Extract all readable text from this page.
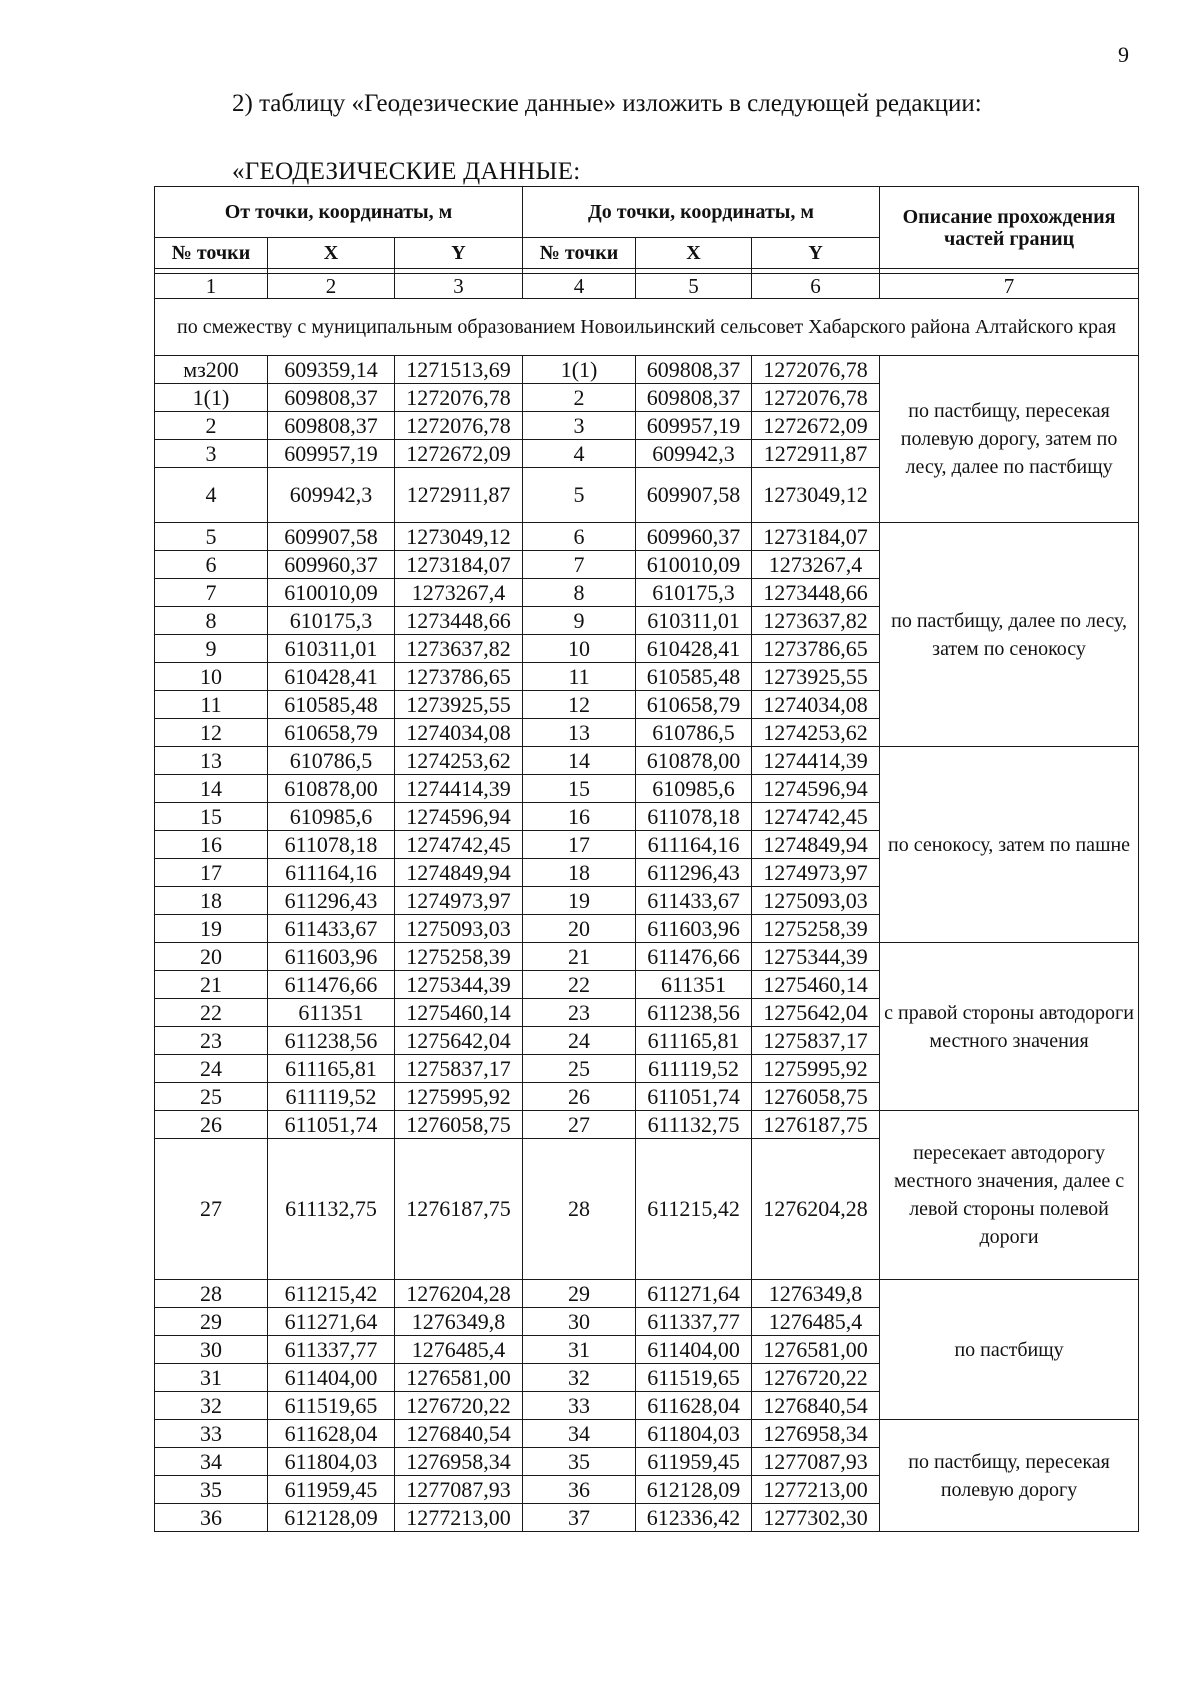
9
2) таблицу «Геодезические данные» изложить в следующей редакции:
«ГЕОДЕЗИЧЕСКИЕ ДАННЫЕ:
От точки, координаты, м			До точки, координаты, м			Описание прохождения частей границ
№ точки	X	Y	№ точки	X	Y	

1	2	3	4	5	6	7
по смежеству с муниципальным образованием Новоильинский сельсовет Хабарского района Алтайского края						
мз200	609359,14	1271513,69	1(1)	609808,37	1272076,78	по пастбищу, пересекая полевую дорогу, затем по лесу, далее по пастбищу
1(1)	609808,37	1272076,78	2	609808,37	1272076,78	
2	609808,37	1272076,78	3	609957,19	1272672,09	
3	609957,19	1272672,09	4	609942,3	1272911,87	
4	609942,3	1272911,87	5	609907,58	1273049,12	
5	609907,58	1273049,12	6	609960,37	1273184,07	по пастбищу, далее по лесу, затем по сенокосу
6	609960,37	1273184,07	7	610010,09	1273267,4	
7	610010,09	1273267,4	8	610175,3	1273448,66	
8	610175,3	1273448,66	9	610311,01	1273637,82	
9	610311,01	1273637,82	10	610428,41	1273786,65	
10	610428,41	1273786,65	11	610585,48	1273925,55	
11	610585,48	1273925,55	12	610658,79	1274034,08	
12	610658,79	1274034,08	13	610786,5	1274253,62	
13	610786,5	1274253,62	14	610878,00	1274414,39	по сенокосу, затем по пашне
14	610878,00	1274414,39	15	610985,6	1274596,94	
15	610985,6	1274596,94	16	611078,18	1274742,45	
16	611078,18	1274742,45	17	611164,16	1274849,94	
17	611164,16	1274849,94	18	611296,43	1274973,97	
18	611296,43	1274973,97	19	611433,67	1275093,03	
19	611433,67	1275093,03	20	611603,96	1275258,39	
20	611603,96	1275258,39	21	611476,66	1275344,39	с правой стороны автодороги местного значения
21	611476,66	1275344,39	22	611351	1275460,14	
22	611351	1275460,14	23	611238,56	1275642,04	
23	611238,56	1275642,04	24	611165,81	1275837,17	
24	611165,81	1275837,17	25	611119,52	1275995,92	
25	611119,52	1275995,92	26	611051,74	1276058,75	
26	611051,74	1276058,75	27	611132,75	1276187,75	пересекает автодорогу местного значения, далее с левой стороны полевой дороги
27	611132,75	1276187,75	28	611215,42	1276204,28	
28	611215,42	1276204,28	29	611271,64	1276349,8	по пастбищу
29	611271,64	1276349,8	30	611337,77	1276485,4	
30	611337,77	1276485,4	31	611404,00	1276581,00	
31	611404,00	1276581,00	32	611519,65	1276720,22	
32	611519,65	1276720,22	33	611628,04	1276840,54	
33	611628,04	1276840,54	34	611804,03	1276958,34	по пастбищу, пересекая полевую дорогу
34	611804,03	1276958,34	35	611959,45	1277087,93	
35	611959,45	1277087,93	36	612128,09	1277213,00	
36	612128,09	1277213,00	37	612336,42	1277302,30	
